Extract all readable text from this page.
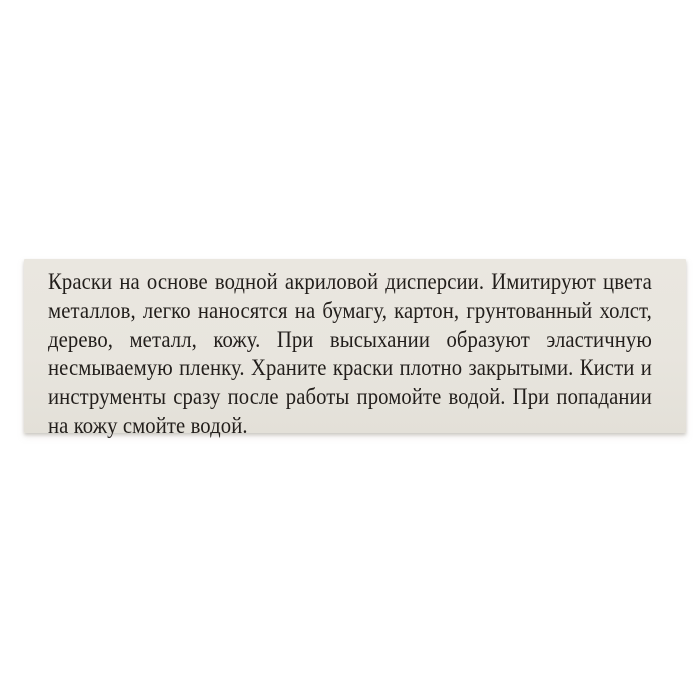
Краски на основе водной акриловой дисперсии. Имитируют цвета
металлов, легко наносятся на бумагу, картон, грунтованный холст,
дерево, металл, кожу. При высыхании образуют эластичную
несмываемую пленку. Храните краски плотно закрытыми. Кисти и
инструменты сразу после работы промойте водой. При попадании
на кожу смойте водой.
